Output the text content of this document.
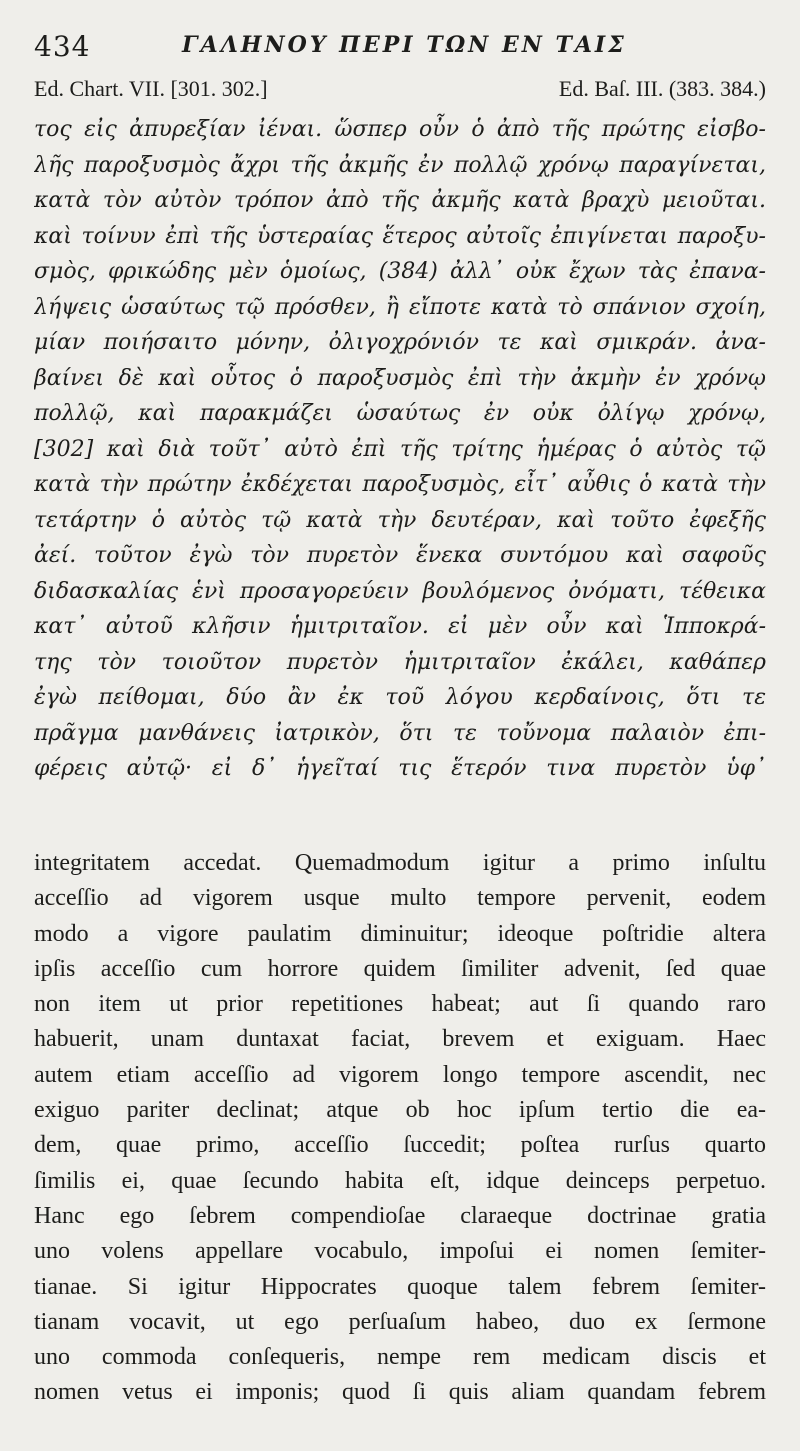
434	ΓΑΛΗΝΟΥ ΠΕΡΙ ΤΩΝ ΕΝ ΤΑΙΣ
Ed. Chart. VII. [301. 302.]	Ed. Baſ. III. (383. 384.)
τος εἰς ἀπυρεξίαν ἰέναι. ὥσπερ οὖν ὁ ἀπὸ τῆς πρώτης εἰσβο-
λῆς παροξυσμὸς ἄχρι τῆς ἀκμῆς ἐν πολλῷ χρόνῳ παραγίνεται,
κατὰ τὸν αὐτὸν τρόπον ἀπὸ τῆς ἀκμῆς κατὰ βραχὺ μειοῦται.
καὶ τοίνυν ἐπὶ τῆς ὑστεραίας ἕτερος αὐτοῖς ἐπιγίνεται παροξυ-
σμὸς, φρικώδης μὲν ὁμοίως, (384) ἀλλ᾽ οὐκ ἔχων τὰς ἐπανα-
λήψεις ὡσαύτως τῷ πρόσθεν, ἢ εἴποτε κατὰ τὸ σπάνιον σχοίη,
μίαν ποιήσαιτο μόνην, ὀλιγοχρόνιόν τε καὶ σμικράν. ἀνα-
βαίνει δὲ καὶ οὗτος ὁ παροξυσμὸς ἐπὶ τὴν ἀκμὴν ἐν χρόνῳ
πολλῷ, καὶ παρακμάζει ὡσαύτως ἐν οὐκ ὀλίγῳ χρόνῳ,
[302] καὶ διὰ τοῦτ᾽ αὐτὸ ἐπὶ τῆς τρίτης ἡμέρας ὁ αὐτὸς τῷ
κατὰ τὴν πρώτην ἐκδέχεται παροξυσμὸς, εἶτ᾽ αὖθις ὁ κατὰ τὴν
τετάρτην ὁ αὐτὸς τῷ κατὰ τὴν δευτέραν, καὶ τοῦτο ἐφεξῆς
ἀεί. τοῦτον ἐγὼ τὸν πυρετὸν ἕνεκα συντόμου καὶ σαφοῦς
διδασκαλίας ἑνὶ προσαγορεύειν βουλόμενος ὀνόματι, τέθεικα
κατ᾽ αὐτοῦ κλῆσιν ἡμιτριταῖον. εἰ μὲν οὖν καὶ Ἱπποκρά-
της τὸν τοιοῦτον πυρετὸν ἡμιτριταῖον ἐκάλει, καθάπερ
ἐγὼ πείθομαι, δύο ἂν ἐκ τοῦ λόγου κερδαίνοις, ὅτι τε
πρᾶγμα μανθάνεις ἰατρικὸν, ὅτι τε τοὔνομα παλαιὸν ἐπι-
φέρεις αὐτῷ· εἰ δ᾽ ἡγεῖταί τις ἕτερόν τινα πυρετὸν ὑφ᾽
integritatem accedat. Quemadmodum igitur a primo inſultu
acceſſio ad vigorem usque multo tempore pervenit, eodem
modo a vigore paulatim diminuitur; ideoque poſtridie altera
ipſis acceſſio cum horrore quidem ſimiliter advenit, ſed quae
non item ut prior repetitiones habeat; aut ſi quando raro
habuerit, unam duntaxat faciat, brevem et exiguam. Haec
autem etiam acceſſio ad vigorem longo tempore ascendit, nec
exiguo pariter declinat; atque ob hoc ipſum tertio die ea-
dem, quae primo, acceſſio ſuccedit; poſtea rurſus quarto
ſimilis ei, quae ſecundo habita eſt, idque deinceps perpetuo.
Hanc ego ſebrem compendioſae claraeque doctrinae gratia
uno volens appellare vocabulo, impoſui ei nomen ſemiter-
tianae. Si igitur Hippocrates quoque talem febrem ſemiter-
tianam vocavit, ut ego perſuaſum habeo, duo ex ſermone
uno commoda conſequeris, nempe rem medicam discis et
nomen vetus ei imponis; quod ſi quis aliam quandam febrem
